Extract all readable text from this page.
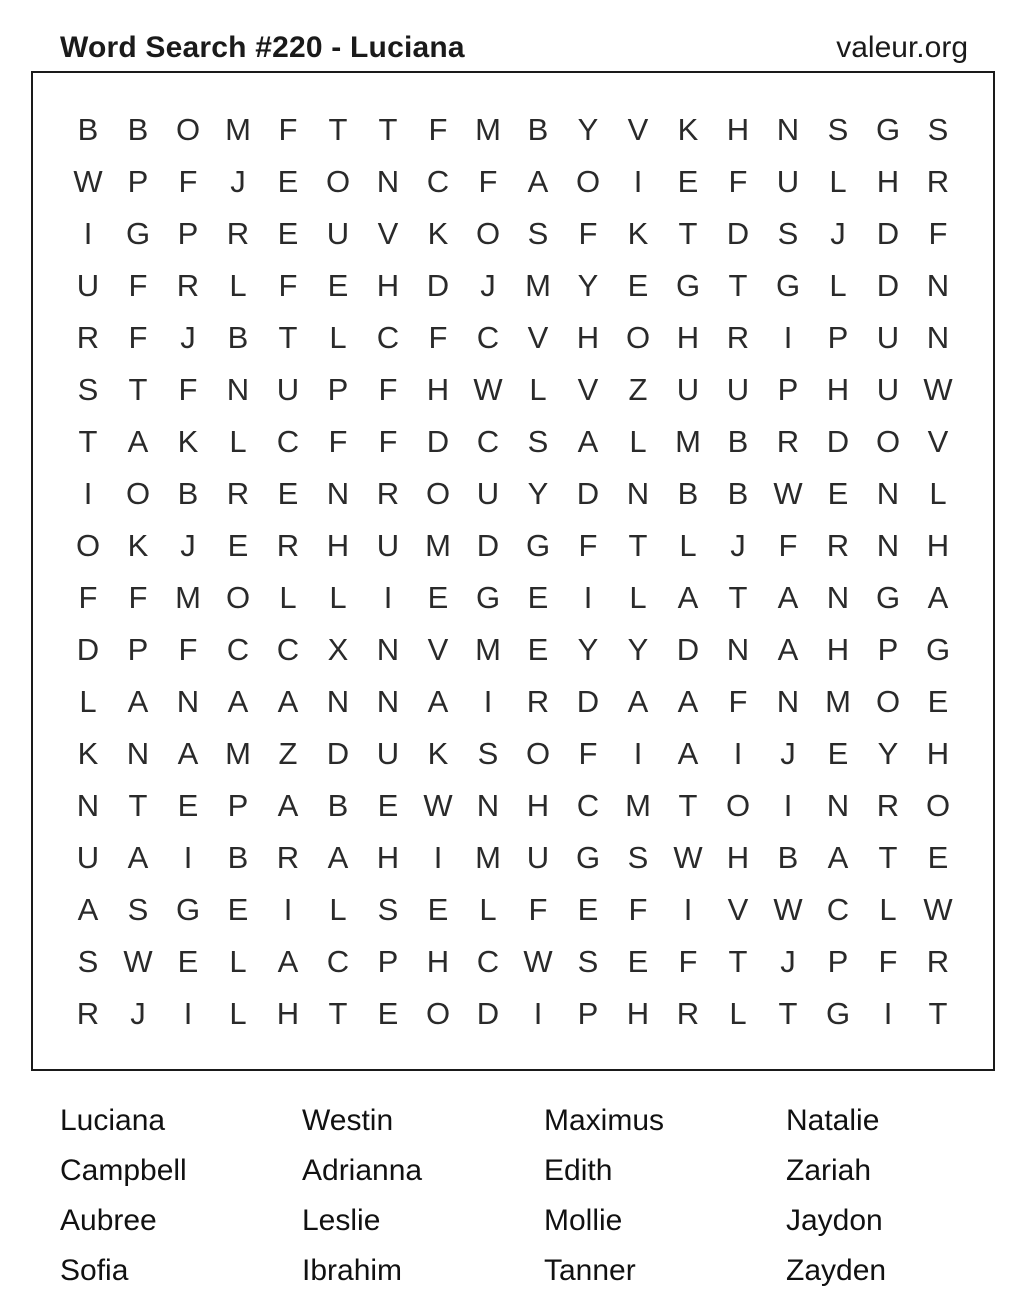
Word Search #220 - Luciana	valeur.org
B B O M F	T	T	F M B Y V K H N S G S
W P F	J	E O N C F A O	I	E F U L H R
I	G P R E U V K O S F K T D S	J	D F
U F R L	F E H D	J M Y E G T G L D N
R F	J	B T	L C F C V H O H R	I	P U N
S T	F N U P F H W L	V Z U U P H U W
T A K	L C F	F D C S A	L M B R D O V
I	O B R E N R O U Y D N B B W E N L
O K	J	E R H U M D G F	T	L	J	F R N H
F	F M O L	L	I	E G E	I	L	A T A N G A
D P F C C X N V M E Y Y D N A H P G
L	A N A A N N A	I	R D A A F N M O E
K N A M Z D U K S O F	I	A	I	J	E Y H
N T E P A B E W N H C M T O	I	N R O
U A	I	B R A H	I	M U G S W H B A T E
A S G E	I	L	S E	L	F E F	I	V W C L W
S W E	L	A C P H C W S E F	T	J	P F R
R	J	I	L H T E O D	I	P H R L	T G	I	T
Luciana	Westin	Maximus	Natalie
Campbell	Adrianna	Edith	Zariah
Aubree	Leslie	Mollie	Jaydon
Sofia	Ibrahim	Tanner	Zayden
